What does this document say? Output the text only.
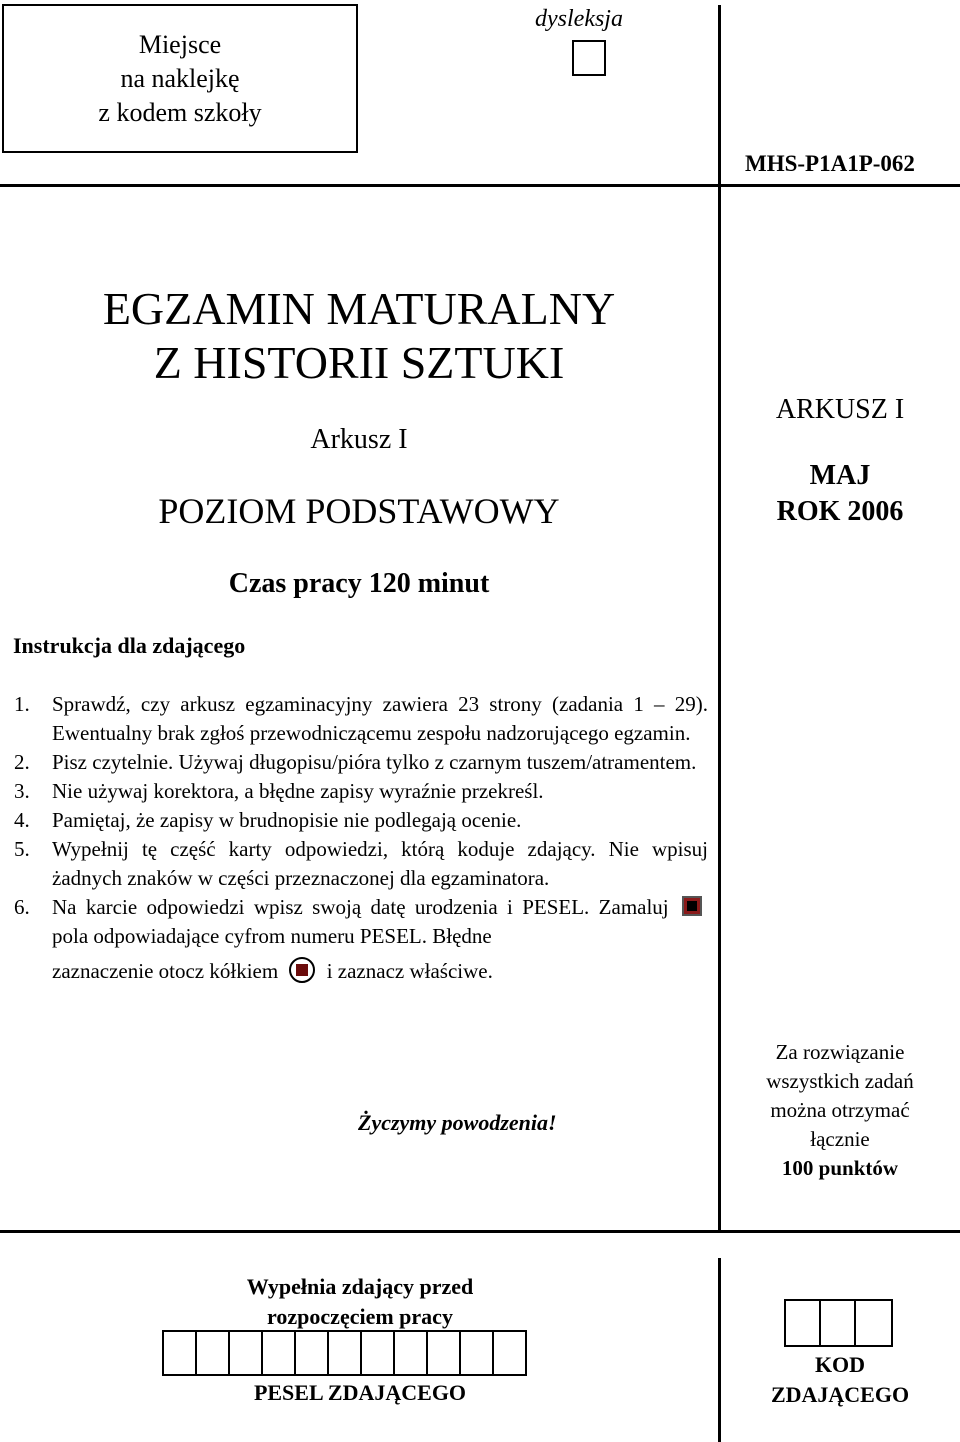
Miejsce
na naklejkę
z kodem szkoły
dysleksja
MHS-P1A1P-062
EGZAMIN MATURALNY
Z HISTORII SZTUKI
Arkusz I
POZIOM PODSTAWOWY
Czas pracy 120 minut
ARKUSZ I
MAJ
ROK 2006
Instrukcja dla zdającego
1.	Sprawdź, czy arkusz egzaminacyjny zawiera 23 strony (zadania 1 – 29). Ewentualny brak zgłoś przewodniczącemu zespołu nadzorującego egzamin.
2.	Pisz czytelnie. Używaj długopisu/pióra tylko z czarnym tuszem/atramentem.
3.	Nie używaj korektora, a błędne zapisy wyraźnie przekreśl.
4.	Pamiętaj, że zapisy w brudnopisie nie podlegają ocenie.
5.	Wypełnij tę część karty odpowiedzi, którą koduje zdający. Nie wpisuj żadnych znaków w części przeznaczonej dla egzaminatora.
6.	Na karcie odpowiedzi wpisz swoją datę urodzenia i PESEL. Zamaluj  pola odpowiadające cyfrom numeru PESEL. Błędne
zaznaczenie otocz kółkiem i zaznacz właściwe.
Życzymy powodzenia!
Za rozwiązanie
wszystkich zadań
można otrzymać
łącznie
100 punktów
Wypełnia zdający przed
rozpoczęciem pracy
PESEL ZDAJĄCEGO
KOD
ZDAJĄCEGO
